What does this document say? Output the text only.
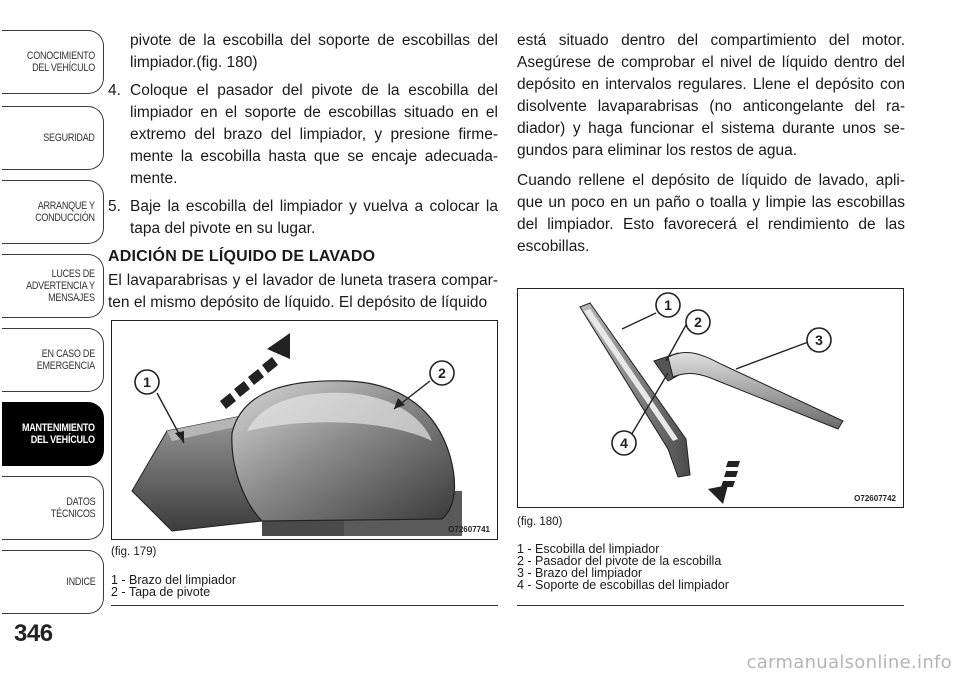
CONOCIMIENTO
DEL VEHÍCULO
SEGURIDAD
ARRANQUE Y
CONDUCCIÓN
LUCES DE
ADVERTENCIA Y
MENSAJES
EN CASO DE
EMERGENCIA
MANTENIMIENTO
DEL VEHÍCULO
DATOS
TÉCNICOS
INDICE
346
pivote de la escobilla del soporte de escobillas del limpiador.(fig. 180)
4. Coloque el pasador del pivote de la escobilla del limpiador en el soporte de escobillas situado en el extremo del brazo del limpiador, y presione firme-mente la escobilla hasta que se encaje adecuada-mente.
5. Baje la escobilla del limpiador y vuelva a colocar la tapa del pivote en su lugar.
ADICIÓN DE LÍQUIDO DE LAVADO

El lavaparabrisas y el lavador de luneta trasera compar-ten el mismo depósito de líquido. El depósito de líquido

está situado dentro del compartimiento del motor. Asegúrese de comprobar el nivel de líquido dentro del depósito en intervalos regulares. Llene el depósito con disolvente lavaparabrisas (no anticongelante del ra-diador) y haga funcionar el sistema durante unos se-gundos para eliminar los restos de agua.

Cuando rellene el depósito de líquido de lavado, apli-que un poco en un paño o toalla y limpie las escobillas del limpiador. Esto favorecerá el rendimiento de las escobillas.

1
2
O72607741
(fig. 179)
1 - Brazo del limpiador
2 - Tapa de pivote
1
2
3
4
O72607742
(fig. 180)
1 - Escobilla del limpiador
2 - Pasador del pivote de la escobilla
3 - Brazo del limpiador
4 - Soporte de escobillas del limpiador
carmanualsonline.info
